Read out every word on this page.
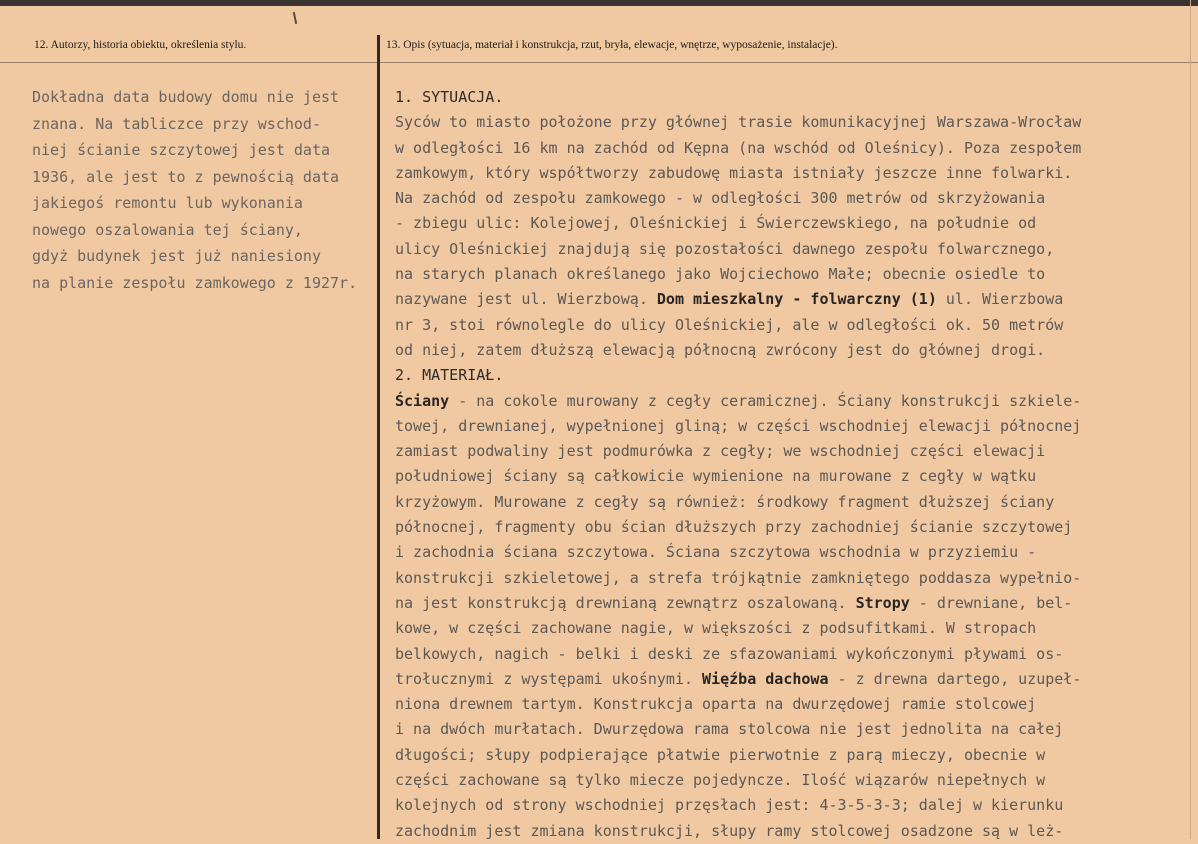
12. Autorzy, historia obiektu, określenia stylu.	13. Opis (sytuacja, materiał i konstrukcja, rzut, bryła, elewacje, wnętrze, wyposażenie, instalacje).
Dokładna data budowy domu nie jest
znana. Na tabliczce przy wschod-
niej ścianie szczytowej jest data
1936, ale jest to z pewnością data
jakiegoś remontu lub wykonania
nowego oszalowania tej ściany,
gdyż budynek jest już naniesiony
na planie zespołu zamkowego z 1927r.
1. SYTUACJA.
Syców to miasto położone przy głównej trasie komunikacyjnej Warszawa-Wrocław
w odległości 16 km na zachód od Kępna (na wschód od Oleśnicy). Poza zespołem
zamkowym, który współtworzy zabudowę miasta istniały jeszcze inne folwarki.
Na zachód od zespołu zamkowego - w odległości 300 metrów od skrzyżowania
- zbiegu ulic: Kolejowej, Oleśnickiej i Świerczewskiego, na południe od
ulicy Oleśnickiej znajdują się pozostałości dawnego zespołu folwarcznego,
na starych planach określanego jako Wojciechowo Małe; obecnie osiedle to
nazywane jest ul. Wierzbową. Dom mieszkalny - folwarczny (1) ul. Wierzbowa
nr 3, stoi równolegle do ulicy Oleśnickiej, ale w odległości ok. 50 metrów
od niej, zatem dłuższą elewacją północną zwrócony jest do głównej drogi.
2. MATERIAŁ.
Ściany - na cokole murowany z cegły ceramicznej. Ściany konstrukcji szkiele-
towej, drewnianej, wypełnionej gliną; w części wschodniej elewacji północnej
zamiast podwaliny jest podmurówka z cegły; we wschodniej części elewacji
południowej ściany są całkowicie wymienione na murowane z cegły w wątku
krzyżowym. Murowane z cegły są również: środkowy fragment dłuższej ściany
północnej, fragmenty obu ścian dłuższych przy zachodniej ścianie szczytowej
i zachodnia ściana szczytowa. Ściana szczytowa wschodnia w przyziemiu -
konstrukcji szkieletowej, a strefa trójkątnie zamkniętego poddasza wypełnio-
na jest konstrukcją drewnianą zewnątrz oszalowaną. Stropy - drewniane, bel-
kowe, w części zachowane nagie, w większości z podsufitkami. W stropach
belkowych, nagich - belki i deski ze sfazowaniami wykończonymi pływami os-
trołucznymi z występami ukośnymi. Więźba dachowa - z drewna dartego, uzupeł-
niona drewnem tartym. Konstrukcja oparta na dwurzędowej ramie stolcowej
i na dwóch murłatach. Dwurzędowa rama stolcowa nie jest jednolita na całej
długości; słupy podpierające płatwie pierwotnie z parą mieczy, obecnie w
części zachowane są tylko miecze pojedyncze. Ilość wiązarów niepełnych w
kolejnych od strony wschodniej przęsłach jest: 4-3-5-3-3; dalej w kierunku
zachodnim jest zmiana konstrukcji, słupy ramy stolcowej osadzone są w leż-
